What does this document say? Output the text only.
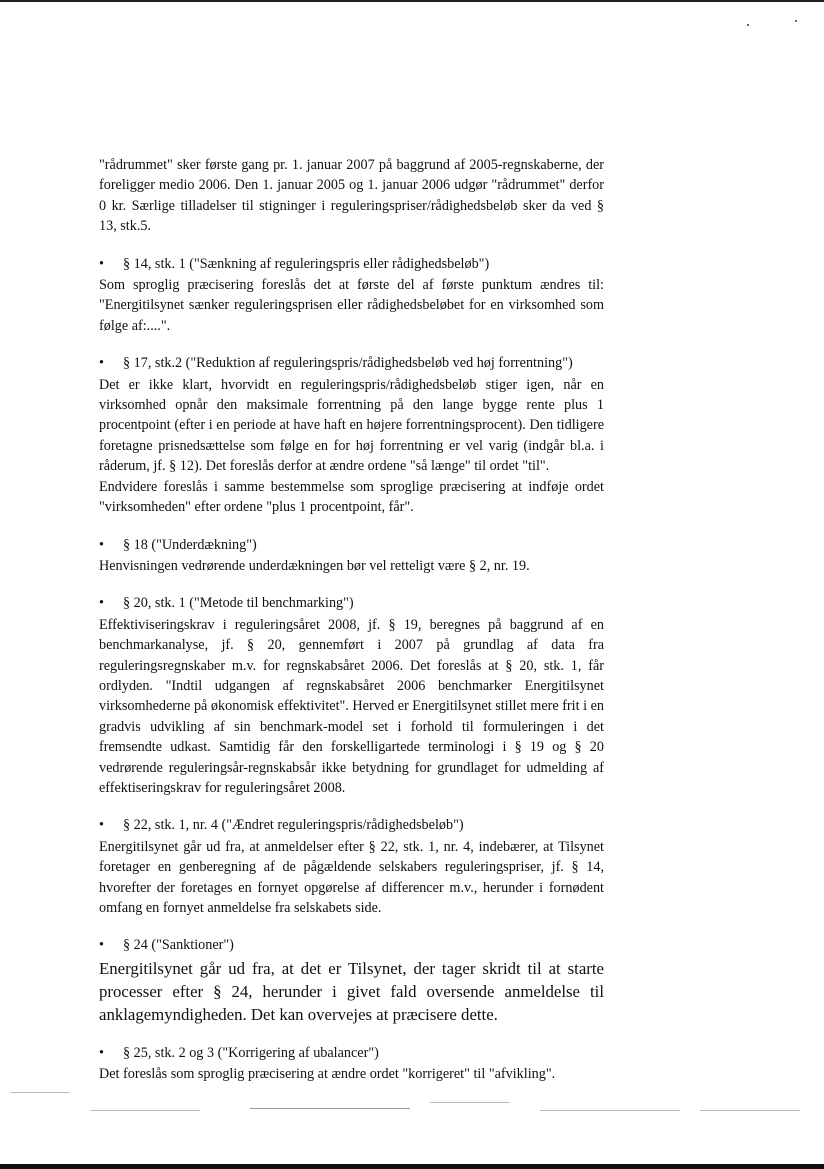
"rådrummet" sker første gang pr. 1. januar 2007 på baggrund af 2005-regnskaberne, der foreligger medio 2006. Den 1. januar 2005 og 1. januar 2006 udgør "rådrummet" derfor 0 kr. Særlige tilladelser til stigninger i reguleringspriser/rådighedsbeløb sker da ved § 13, stk.5.

• § 14, stk. 1 ("Sænkning af reguleringspris eller rådighedsbeløb")

Som sproglig præcisering foreslås det at første del af første punktum ændres til: "Energitilsynet sænker reguleringsprisen eller rådighedsbeløbet for en virksomhed som følge af:....".

• § 17, stk.2 ("Reduktion af reguleringspris/rådighedsbeløb ved høj forrentning")

Det er ikke klart, hvorvidt en reguleringspris/rådighedsbeløb stiger igen, når en virksomhed opnår den maksimale forrentning på den lange bygge rente plus 1 procentpoint (efter i en periode at have haft en højere forrentningsprocent). Den tidligere foretagne prisnedsættelse som følge en for høj forrentning er vel varig (indgår bl.a. i råderum, jf. § 12). Det foreslås derfor at ændre ordene "så længe" til ordet "til".

Endvidere foreslås i samme bestemmelse som sproglige præcisering at indføje ordet "virksomheden" efter ordene "plus 1 procentpoint, får".

• § 18 ("Underdækning")

Henvisningen vedrørende underdækningen bør vel retteligt være § 2, nr. 19.

• § 20, stk. 1 ("Metode til benchmarking")

Effektiviseringskrav i reguleringsåret 2008, jf. § 19, beregnes på baggrund af en benchmarkanalyse, jf. § 20, gennemført i 2007 på grundlag af data fra reguleringsregnskaber m.v. for regnskabsåret 2006. Det foreslås at § 20, stk. 1, får ordlyden. "Indtil udgangen af regnskabsåret 2006 benchmarker Energitilsynet virksomhederne på økonomisk effektivitet". Herved er Energitilsynet stillet mere frit i en gradvis udvikling af sin benchmark-model set i forhold til formuleringen i det fremsendte udkast. Samtidig får den forskelligartede terminologi i § 19 og § 20 vedrørende reguleringsår-regnskabsår ikke betydning for grundlaget for udmelding af effektiseringskrav for reguleringsåret 2008.

• § 22, stk. 1, nr. 4 ("Ændret reguleringspris/rådighedsbeløb")

Energitilsynet går ud fra, at anmeldelser efter § 22, stk. 1, nr. 4, indebærer, at Tilsynet foretager en genberegning af de pågældende selskabers reguleringspriser, jf. § 14, hvorefter der foretages en fornyet opgørelse af differencer m.v., herunder i fornødent omfang en fornyet anmeldelse fra selskabets side.

• § 24 ("Sanktioner")

Energitilsynet går ud fra, at det er Tilsynet, der tager skridt til at starte processer efter § 24, herunder i givet fald oversende anmeldelse til anklagemyndigheden. Det kan overvejes at præcisere dette.

• § 25, stk. 2 og 3 ("Korrigering af ubalancer")

Det foreslås som sproglig præcisering at ændre ordet "korrigeret" til "afvikling".
